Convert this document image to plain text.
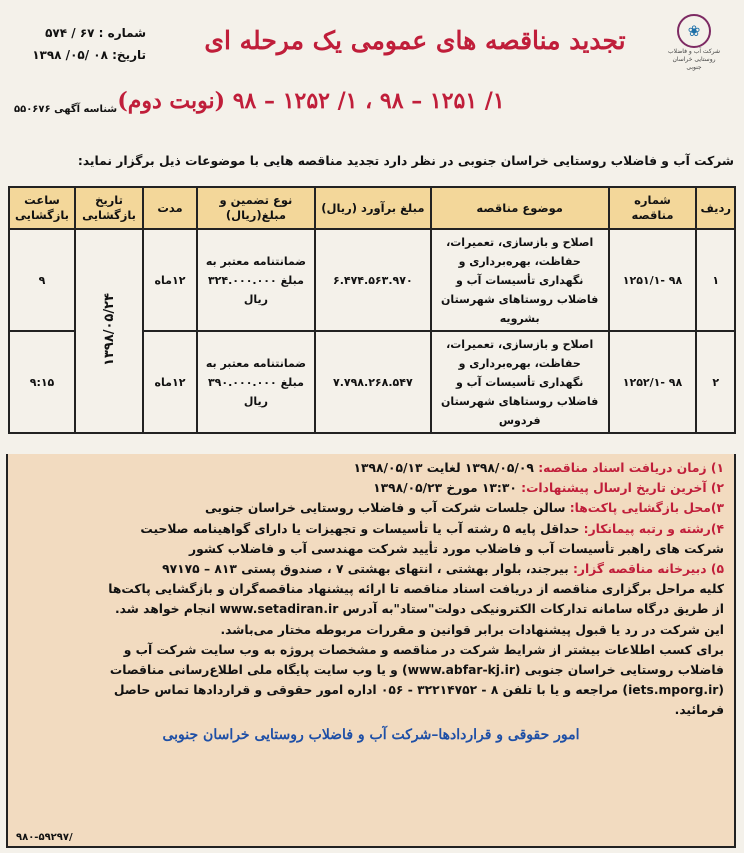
❀
شرکت آب و فاضلاب روستایی خراسان جنوبی
تجدید مناقصه های عمومی یک مرحله ای
شماره : ۶۷ / ۵۷۴
تاریخ: ۰۸ /۰۵/ ۱۳۹۸
۱/ ۱۲۵۱ – ۹۸ ، ۱/ ۱۲۵۲ – ۹۸ (نوبت دوم)
شناسه آگهی ۵۵۰۶۷۶
شرکت آب و فاضلاب روستایی خراسان جنوبی در نظر دارد تجدید مناقصه هایی با موضوعات ذیل برگزار نماید:
ردیف	شماره مناقصه	موضوع مناقصه	مبلغ برآورد (ریال)	نوع تضمین و مبلغ(ریال)	مدت	تاریخ بازگشایی	ساعت بازگشایی
۱	۹۸ -۱۲۵۱/۱	اصلاح و بازسازی، تعمیرات، حفاظت، بهره‌برداری و نگهداری تأسیسات آب و فاضلاب روستاهای شهرستان بشرویه	۶.۴۷۴.۵۶۳.۹۷۰	ضمانتنامه معتبر به مبلغ ۳۲۴.۰۰۰.۰۰۰ ریال	۱۲ماه	۱۳۹۸/۰۵/۲۴	۹
۲	۹۸ -۱۲۵۲/۱	اصلاح و بازسازی، تعمیرات، حفاظت، بهره‌برداری و نگهداری تأسیسات آب و فاضلاب روستاهای شهرستان فردوس	۷.۷۹۸.۲۶۸.۵۴۷	ضمانتنامه معتبر به مبلغ ۳۹۰.۰۰۰.۰۰۰ ریال	۱۲ماه		۹:۱۵

۱) زمان دریافت اسناد مناقصه: ۱۳۹۸/۰۵/۰۹ لغایت ۱۳۹۸/۰۵/۱۳

۲) آخرین تاریخ ارسال پیشنهادات: ۱۳:۳۰ مورخ ۱۳۹۸/۰۵/۲۳

۳)محل بازگشایی پاکت‌ها: سالن جلسات شرکت آب و فاضلاب روستایی خراسان جنوبی

۴)رشته و رتبه پیمانکار: حداقل پایه ۵ رشته آب یا تأسیسات و تجهیزات یا دارای گواهینامه صلاحیت

شرکت های راهبر تأسیسات آب و فاضلاب مورد تأیید شرکت مهندسی آب و فاضلاب کشور

۵) دبیرخانه مناقصه گزار: بیرجند، بلوار بهشتی ، انتهای بهشتی ۷ ، صندوق پستی ۸۱۳ – ۹۷۱۷۵

کلیه مراحل برگزاری مناقصه از دریافت اسناد مناقصه تا ارائه پیشنهاد مناقصه‌گران و بازگشایی پاکت‌ها

از طریق درگاه سامانه تدارکات الکترونیکی دولت"ستاد"به آدرس www.setadiran.ir انجام خواهد شد.

این شرکت در رد یا قبول پیشنهادات برابر قوانین و مقررات مربوطه مختار می‌باشد.

برای کسب اطلاعات بیشتر از شرایط شرکت در مناقصه و مشخصات پروژه به وب سایت شرکت آب و

فاضلاب روستایی خراسان جنوبی (www.abfar-kj.ir) و یا وب سایت پایگاه ملی اطلاع‌رسانی مناقصات

(iets.mporg.ir) مراجعه و یا با تلفن ۸ - ۳۲۲۱۴۷۵۲ - ۰۵۶ اداره امور حقوقی و قراردادها تماس حاصل

فرمائید.

امور حقوقی و قراردادها–شرکت آب و فاضلاب روستایی خراسان جنوبی

۹۸۰-۵۹۲۹۷/
